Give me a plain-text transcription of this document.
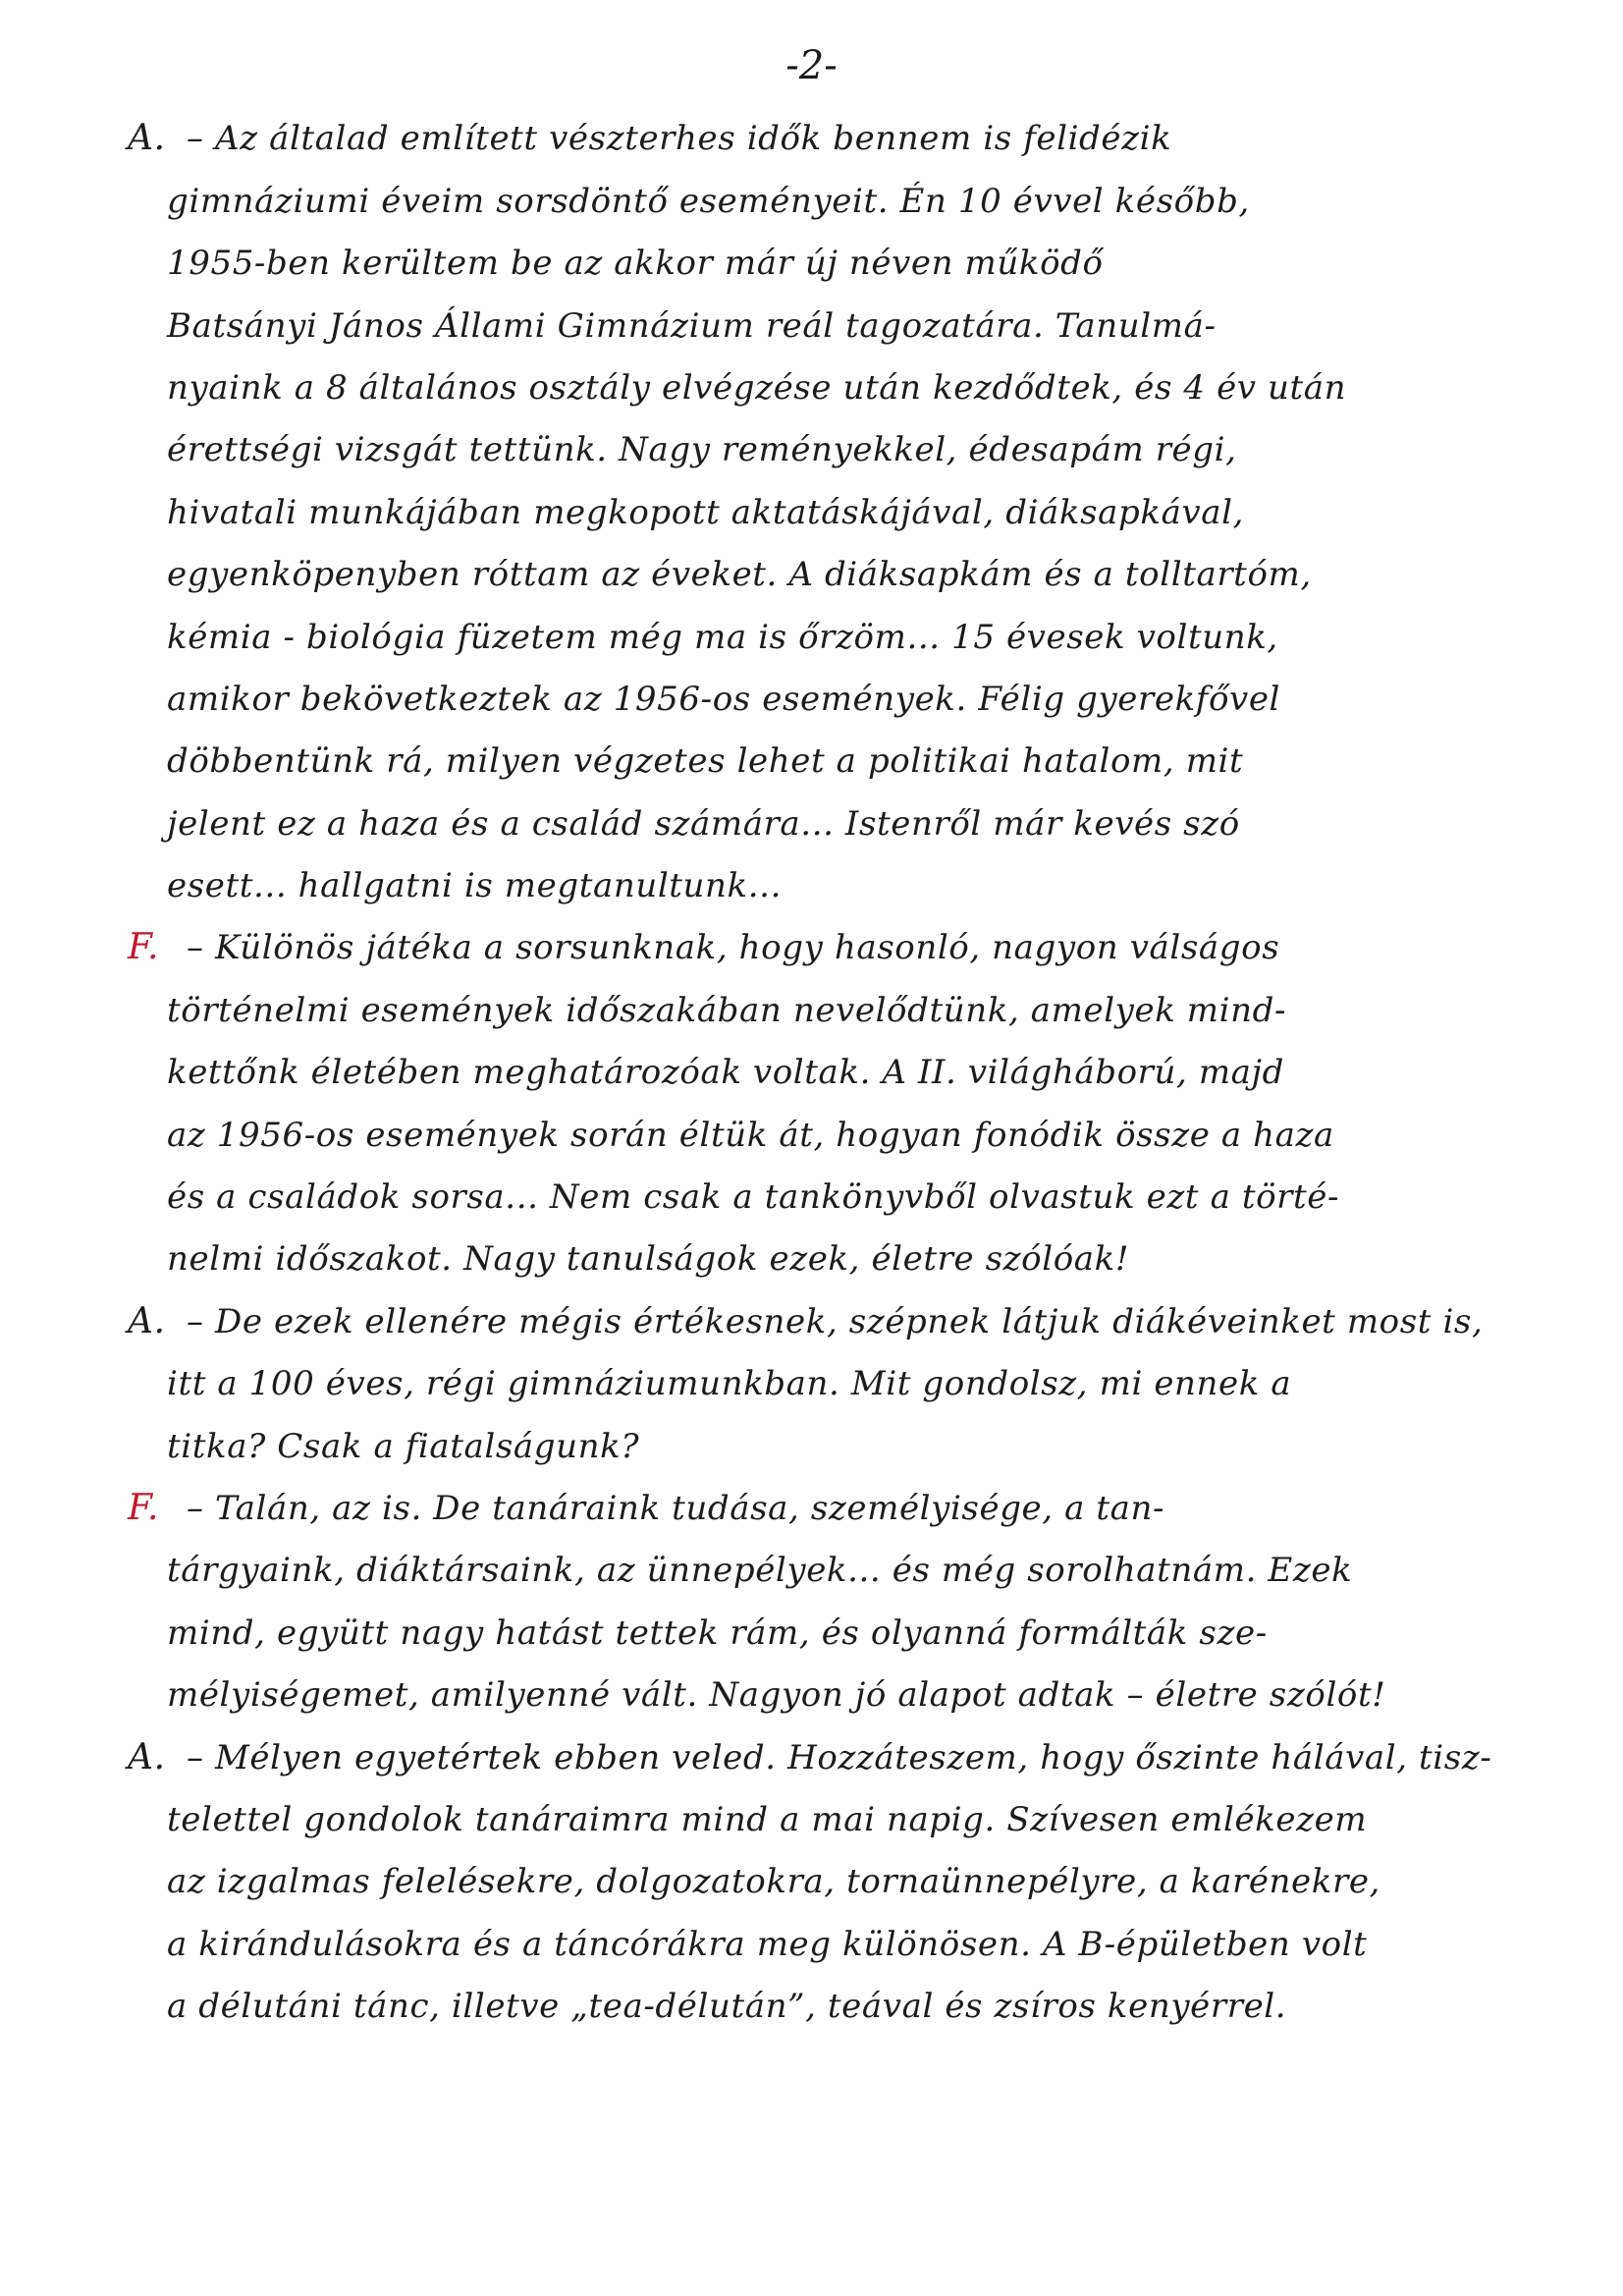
-2-
A. – Az általad említett vészterhes idők bennem is felidézik
gimnáziumi éveim sorsdöntő eseményeit. Én 10 évvel később,
1955-ben kerültem be az akkor már új néven működő
Batsányi János Állami Gimnázium reál tagozatára. Tanulmá-
nyaink a 8 általános osztály elvégzése után kezdődtek, és 4 év után
érettségi vizsgát tettünk. Nagy reményekkel, édesapám régi,
hivatali munkájában megkopott aktatáskájával, diáksapkával,
egyenköpenyben róttam az éveket. A diáksapkám és a tolltartóm,
kémia - biológia füzetem még ma is őrzöm... 15 évesek voltunk,
amikor bekövetkeztek az 1956-os események. Félig gyerekfővel
döbbentünk rá, milyen végzetes lehet a politikai hatalom, mit
jelent ez a haza és a család számára... Istenről már kevés szó
esett... hallgatni is megtanultunk...
F. – Különös játéka a sorsunknak, hogy hasonló, nagyon válságos
történelmi események időszakában nevelődtünk, amelyek mind-
kettőnk életében meghatározóak voltak. A II. világháború, majd
az 1956-os események során éltük át, hogyan fonódik össze a haza
és a családok sorsa... Nem csak a tankönyvből olvastuk ezt a törté-
nelmi időszakot. Nagy tanulságok ezek, életre szólóak!
A. – De ezek ellenére mégis értékesnek, szépnek látjuk diákéveinket most is,
itt a 100 éves, régi gimnáziumunkban. Mit gondolsz, mi ennek a
titka? Csak a fiatalságunk?
F. – Talán, az is. De tanáraink tudása, személyisége, a tan-
tárgyaink, diáktársaink, az ünnepélyek... és még sorolhatnám. Ezek
mind, együtt nagy hatást tettek rám, és olyanná formálták sze-
mélyiségemet, amilyenné vált. Nagyon jó alapot adtak – életre szólót!
A. – Mélyen egyetértek ebben veled. Hozzáteszem, hogy őszinte hálával, tisz-
telettel gondolok tanáraimra mind a mai napig. Szívesen emlékezem
az izgalmas felelésekre, dolgozatokra, tornaünnepélyre, a karénekre,
a kirándulásokra és a táncórákra meg különösen. A B-épületben volt
a délutáni tánc, illetve „tea-délután”, teával és zsíros kenyérrel.
